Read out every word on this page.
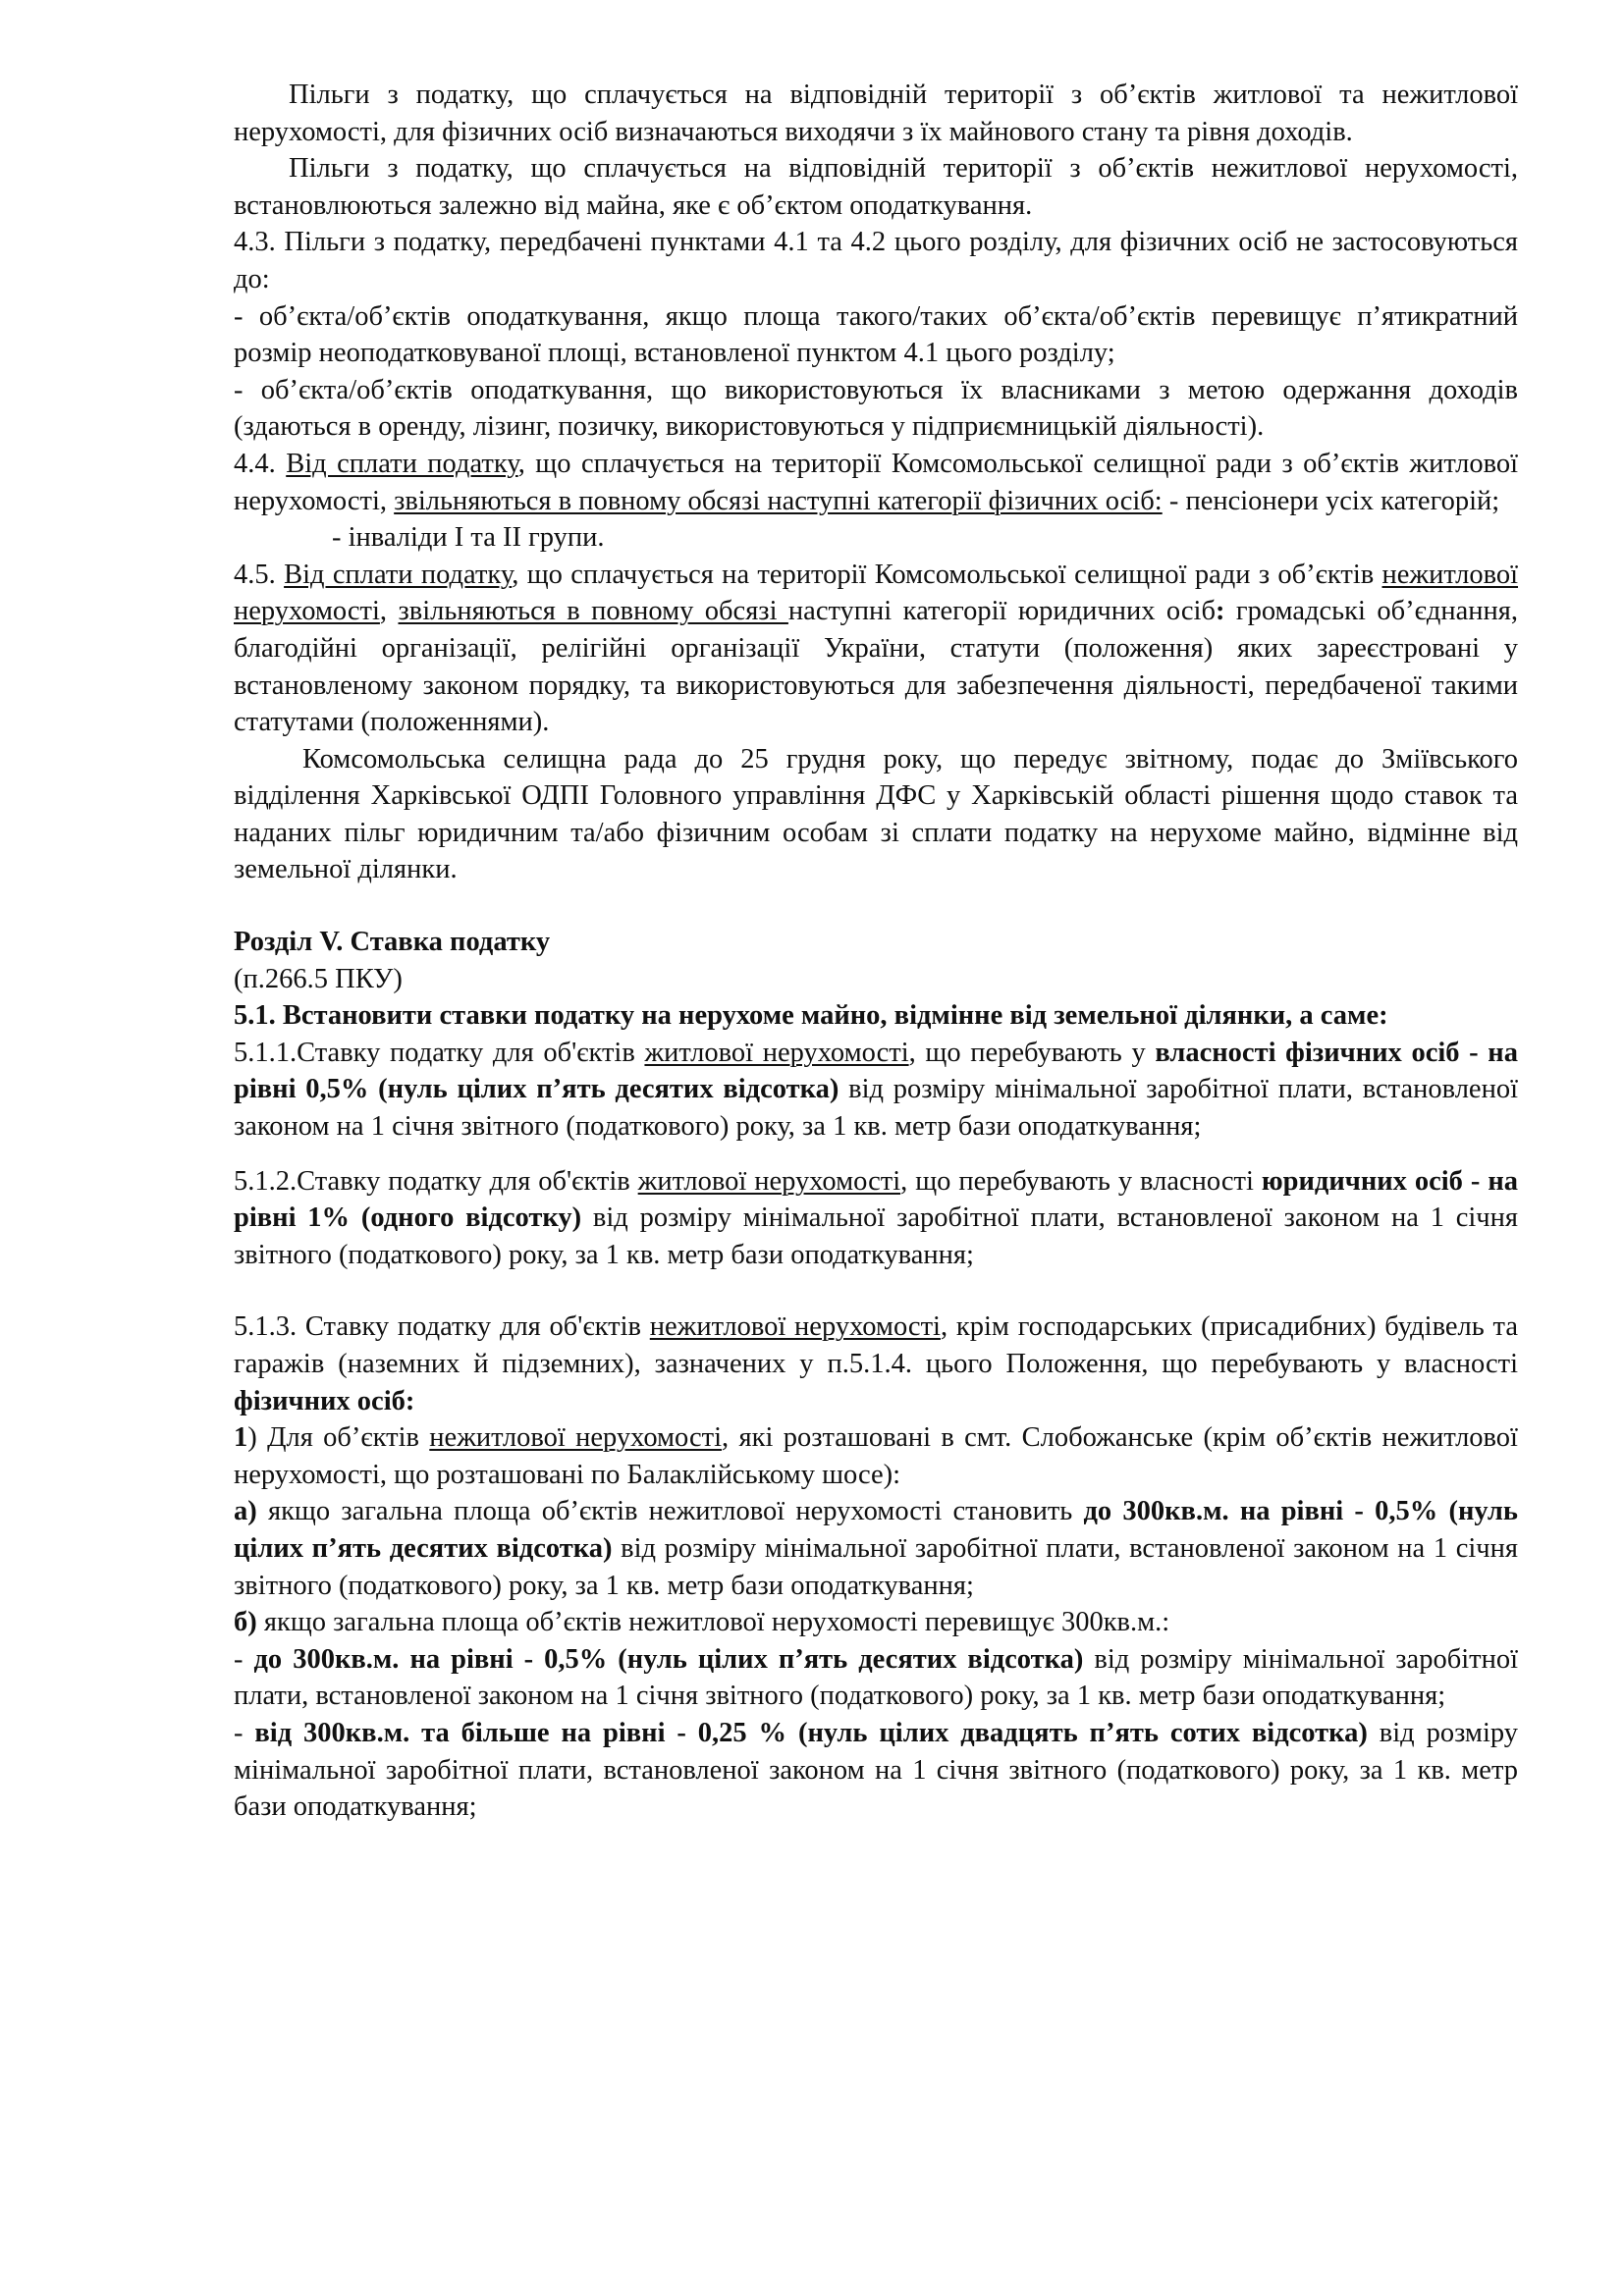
Пільги з податку, що сплачується на відповідній території з об’єктів житлової та нежитлової нерухомості, для фізичних осіб визначаються виходячи з їх майнового стану та рівня доходів.

Пільги з податку, що сплачується на відповідній території з об’єктів нежитлової нерухомості, встановлюються залежно від майна, яке є об’єктом оподаткування.

4.3. Пільги з податку, передбачені пунктами 4.1 та 4.2 цього розділу, для фізичних осіб не застосовуються до:

- об’єкта/об’єктів оподаткування, якщо площа такого/таких об’єкта/об’єктів перевищує п’ятикратний розмір неоподатковуваної площі, встановленої пунктом 4.1 цього розділу;

- об’єкта/об’єктів оподаткування, що використовуються їх власниками з метою одержання доходів (здаються в оренду, лізинг, позичку, використовуються у підприємницькій діяльності).

4.4. Від сплати податку, що сплачується на території Комсомольської селищної ради з об’єктів житлової нерухомості, звільняються в повному обсязі наступні категорії фізичних осіб: - пенсіонери усіх категорій;

- інваліди І та ІІ групи.

4.5. Від сплати податку, що сплачується на території Комсомольської селищної ради з об’єктів нежитлової нерухомості, звільняються в повному обсязі наступні категорії юридичних осіб: громадські об’єднання, благодійні організації, релігійні організації України, статути (положення) яких зареєстровані у встановленому законом порядку, та використовуються для забезпечення діяльності, передбаченої такими статутами (положеннями).

Комсомольська селищна рада до 25 грудня року, що передує звітному, подає до Зміївського відділення Харківської ОДПІ Головного управління ДФС у Харківській області рішення щодо ставок та наданих пільг юридичним та/або фізичним особам зі сплати податку на нерухоме майно, відмінне від земельної ділянки.

Розділ V. Ставка податку

(п.266.5 ПКУ)

5.1. Встановити ставки податку на нерухоме майно, відмінне від земельної ділянки, а саме:

5.1.1.Ставку податку для об'єктів житлової нерухомості, що перебувають у власності фізичних осіб - на рівні 0,5% (нуль цілих п’ять десятих відсотка) від розміру мінімальної заробітної плати, встановленої законом на 1 січня звітного (податкового) року, за 1 кв. метр бази оподаткування;

5.1.2.Ставку податку для об'єктів житлової нерухомості, що перебувають у власності юридичних осіб - на рівні 1% (одного відсотку) від розміру мінімальної заробітної плати, встановленої законом на 1 січня звітного (податкового) року, за 1 кв. метр бази оподаткування;

5.1.3. Ставку податку для об'єктів нежитлової нерухомості, крім господарських (присадибних) будівель та гаражів (наземних й підземних), зазначених у п.5.1.4. цього Положення, що перебувають у власності фізичних осіб:

1) Для об’єктів нежитлової нерухомості, які розташовані в смт. Слобожанське (крім об’єктів нежитлової нерухомості, що розташовані по Балаклійському шосе):

а) якщо загальна площа об’єктів нежитлової нерухомості становить до 300кв.м. на рівні - 0,5% (нуль цілих п’ять десятих відсотка) від розміру мінімальної заробітної плати, встановленої законом на 1 січня звітного (податкового) року, за 1 кв. метр бази оподаткування;

б) якщо загальна площа об’єктів нежитлової нерухомості перевищує 300кв.м.:

- до 300кв.м. на рівні - 0,5% (нуль цілих п’ять десятих відсотка) від розміру мінімальної заробітної плати, встановленої законом на 1 січня звітного (податкового) року, за 1 кв. метр бази оподаткування;

- від 300кв.м. та більше на рівні - 0,25 % (нуль цілих двадцять п’ять сотих відсотка) від розміру мінімальної заробітної плати, встановленої законом на 1 січня звітного (податкового) року, за 1 кв. метр бази оподаткування;
